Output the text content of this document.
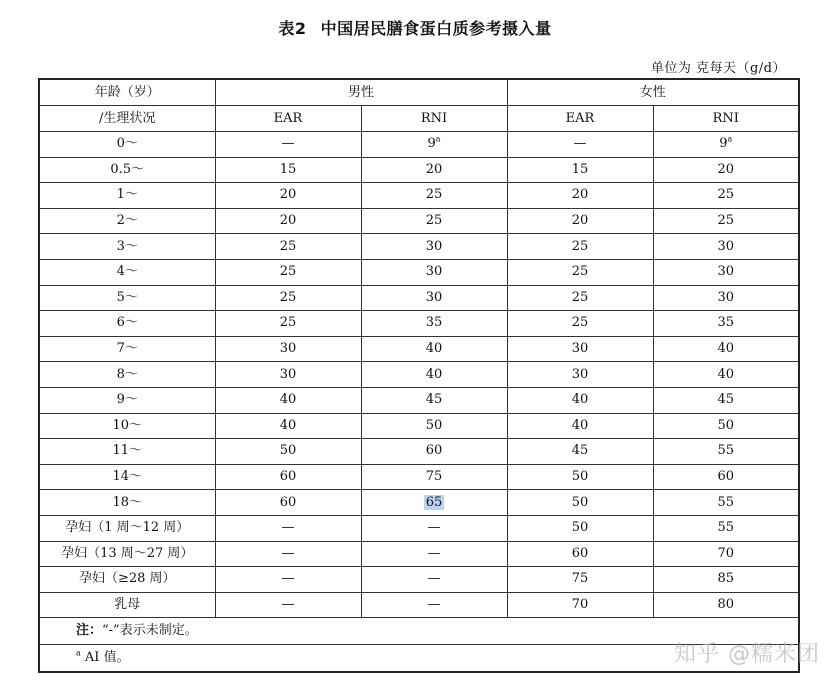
表2 中国居民膳食蛋白质参考摄入量
单位为 克每天（g/d）
年龄（岁）	男性		女性	
/生理状况	EAR	RNI	EAR	RNI
0～	—	9$^a$	—	9$^a$
0.5～	15	20	15	20
1～	20	25	20	25
2～	20	25	20	25
3～	25	30	25	30
4～	25	30	25	30
5～	25	30	25	30
6～	25	35	25	35
7～	30	40	30	40
8～	30	40	30	40
9～	40	45	40	45
10～	40	50	40	50
11～	50	60	45	55
14～	60	75	50	60
18～	60	65	50	55
孕妇（1 周～12 周）	—	—	50	55
孕妇（13 周～27 周）	—	—	60	70
孕妇（≥28 周）	—	—	75	85
乳母	—	—	70	80
注：“-”表示未制定。				
$^a$ AI 值。					知乎 @糯米团
